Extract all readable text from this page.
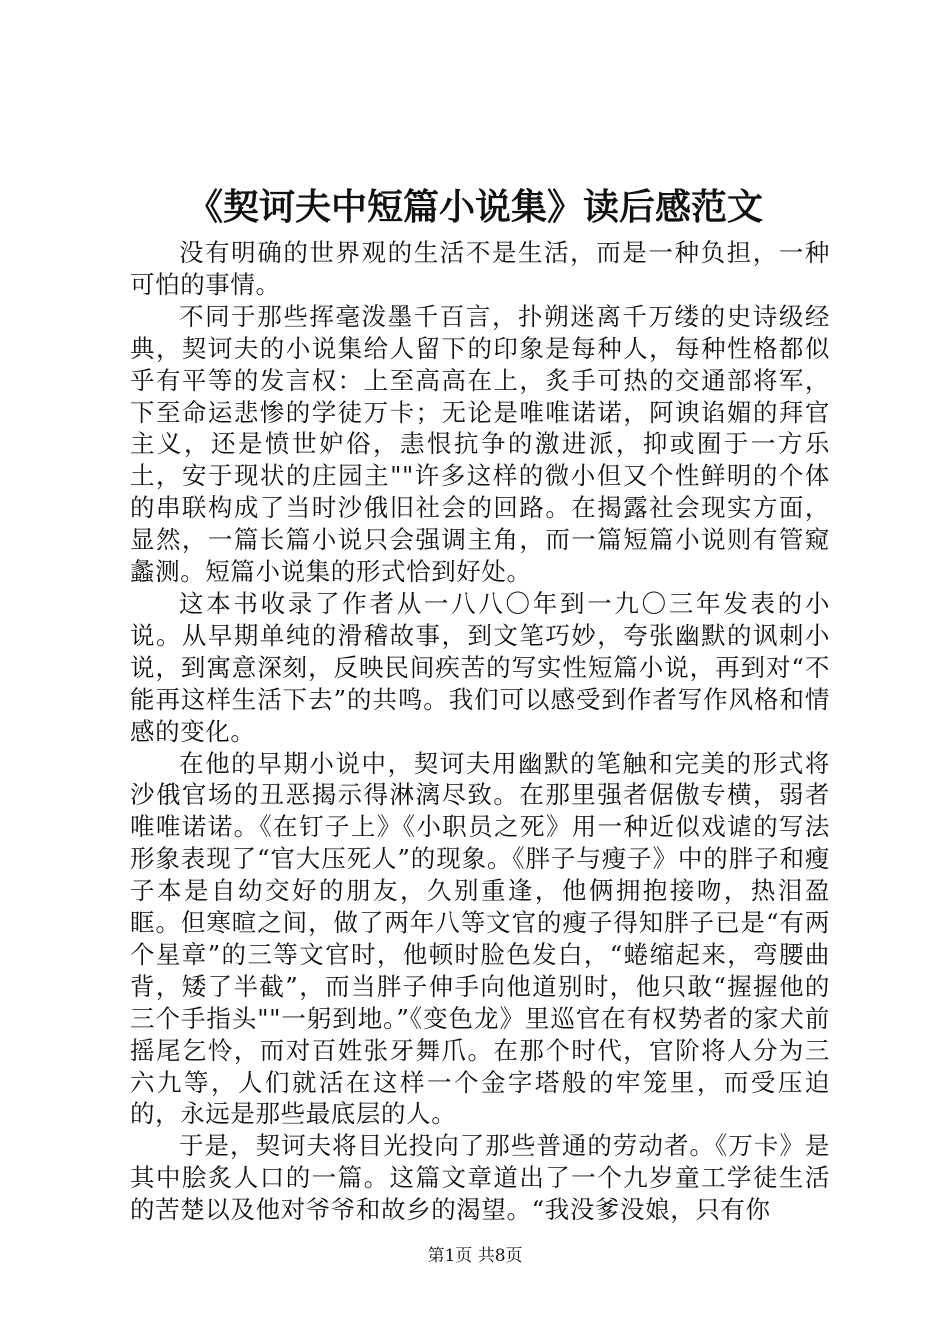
《契诃夫中短篇小说集》读后感范文

没有明确的世界观的生活不是生活，而是一种负担，一种可怕的事情。

不同于那些挥毫泼墨千百言，扑朔迷离千万缕的史诗级经典，契诃夫的小说集给人留下的印象是每种人，每种性格都似乎有平等的发言权：上至高高在上，炙手可热的交通部将军，下至命运悲惨的学徒万卡；无论是唯唯诺诺，阿谀谄媚的拜官主义，还是愤世妒俗，恚恨抗争的激进派，抑或囿于一方乐土，安于现状的庄园主""许多这样的微小但又个性鲜明的个体的串联构成了当时沙俄旧社会的回路。在揭露社会现实方面，显然，一篇长篇小说只会强调主角，而一篇短篇小说则有管窥蠡测。短篇小说集的形式恰到好处。

这本书收录了作者从一八八〇年到一九〇三年发表的小说。从早期单纯的滑稽故事，到文笔巧妙，夸张幽默的讽刺小说，到寓意深刻，反映民间疾苦的写实性短篇小说，再到对“不能再这样生活下去”的共鸣。我们可以感受到作者写作风格和情感的变化。

在他的早期小说中，契诃夫用幽默的笔触和完美的形式将沙俄官场的丑恶揭示得淋漓尽致。在那里强者倨傲专横，弱者唯唯诺诺。《在钉子上》《小职员之死》用一种近似戏谑的写法形象表现了“官大压死人”的现象。《胖子与瘦子》中的胖子和瘦子本是自幼交好的朋友，久别重逢，他俩拥抱接吻，热泪盈眶。但寒暄之间，做了两年八等文官的瘦子得知胖子已是“有两个星章”的三等文官时，他顿时脸色发白，“蜷缩起来，弯腰曲背，矮了半截”，而当胖子伸手向他道别时，他只敢“握握他的三个手指头""一躬到地。”《变色龙》里巡官在有权势者的家犬前摇尾乞怜，而对百姓张牙舞爪。在那个时代，官阶将人分为三六九等，人们就活在这样一个金字塔般的牢笼里，而受压迫的，永远是那些最底层的人。

于是，契诃夫将目光投向了那些普通的劳动者。《万卡》是其中脍炙人口的一篇。这篇文章道出了一个九岁童工学徒生活的苦楚以及他对爷爷和故乡的渴望。“我没爹没娘，只有你

第1页 共8页
